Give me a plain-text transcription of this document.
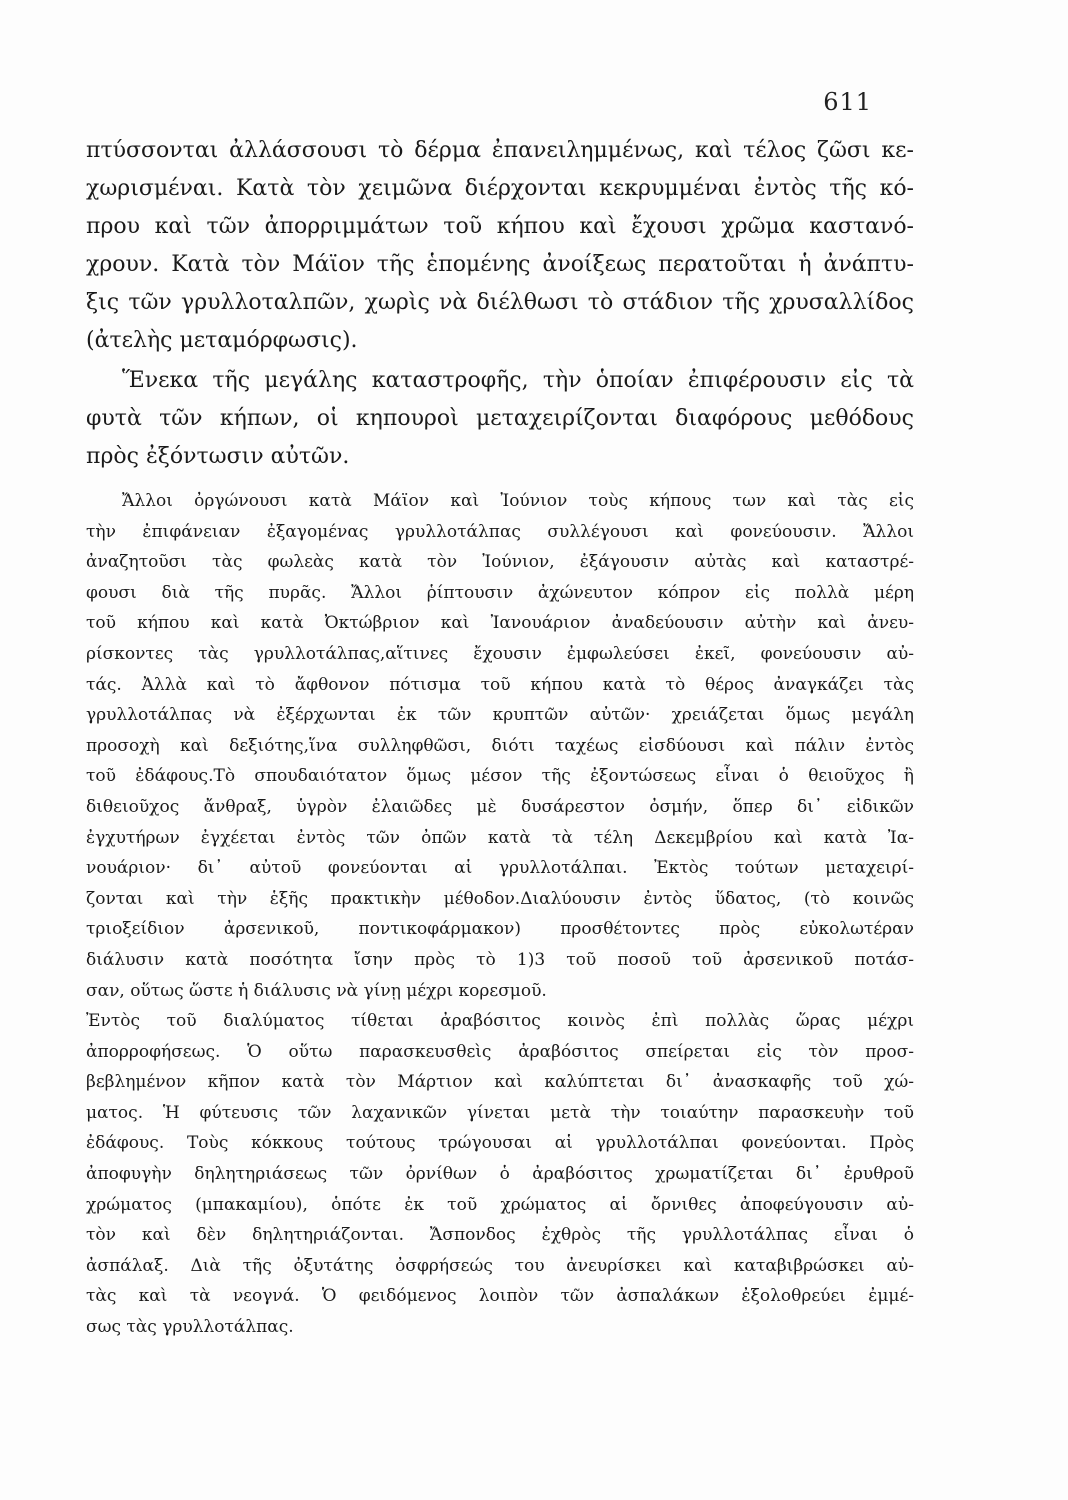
611
πτύσσονται ἀλλάσσουσι τὸ δέρμα ἐπανειλημμένως, καὶ τέλος ζῶσι κε-
χωρισμέναι. Κατὰ τὸν χειμῶνα διέρχονται κεκρυμμέναι ἐντὸς τῆς κό-
πρου καὶ τῶν ἀπορριμμάτων τοῦ κήπου καὶ ἔχουσι χρῶμα καστανό-
χρουν. Κατὰ τὸν Μάϊον τῆς ἑπομένης ἀνοίξεως περατοῦται ἡ ἀνάπτυ-
ξις τῶν γρυλλοταλπῶν, χωρὶς νὰ διέλθωσι τὸ στάδιον τῆς χρυσαλλίδος
(ἀτελὴς μεταμόρφωσις).
Ἕνεκα τῆς μεγάλης καταστροφῆς, τὴν ὁποίαν ἐπιφέρουσιν εἰς τὰ
φυτὰ τῶν κήπων, οἱ κηπουροὶ μεταχειρίζονται διαφόρους μεθόδους
πρὸς ἐξόντωσιν αὐτῶν.
Ἄλλοι ὀργώνουσι κατὰ Μάϊον καὶ Ἰούνιον τοὺς κήπους των καὶ τὰς εἰς
τὴν ἐπιφάνειαν ἐξαγομένας γρυλλοτάλπας συλλέγουσι καὶ φονεύουσιν. Ἄλλοι
ἀναζητοῦσι τὰς φωλεὰς κατὰ τὸν Ἰούνιον, ἐξάγουσιν αὐτὰς καὶ καταστρέ-
φουσι διὰ τῆς πυρᾶς. Ἄλλοι ῥίπτουσιν ἀχώνευτον κόπρον εἰς πολλὰ μέρη
τοῦ κήπου καὶ κατὰ Ὀκτώβριον καὶ Ἰανουάριον ἀναδεύουσιν αὐτὴν καὶ ἀνευ-
ρίσκοντες τὰς γρυλλοτάλπας,αἵτινες ἔχουσιν ἐμφωλεύσει ἐκεῖ, φονεύουσιν αὐ-
τάς. Ἀλλὰ καὶ τὸ ἄφθονον πότισμα τοῦ κήπου κατὰ τὸ θέρος ἀναγκάζει τὰς
γρυλλοτάλπας νὰ ἐξέρχωνται ἐκ τῶν κρυπτῶν αὐτῶν· χρειάζεται ὅμως μεγάλη
προσοχὴ καὶ δεξιότης,ἵνα συλληφθῶσι, διότι ταχέως εἰσδύουσι καὶ πάλιν ἐντὸς
τοῦ ἐδάφους.Τὸ σπουδαιότατον ὅμως μέσον τῆς ἐξοντώσεως εἶναι ὁ θειοῦχος ἢ
διθειοῦχος ἄνθραξ, ὑγρὸν ἐλαιῶδες μὲ δυσάρεστον ὀσμήν, ὅπερ δι᾽ εἰδικῶν
ἐγχυτήρων ἐγχέεται ἐντὸς τῶν ὀπῶν κατὰ τὰ τέλη Δεκεμβρίου καὶ κατὰ Ἰα-
νουάριον· δι᾽ αὐτοῦ φονεύονται αἱ γρυλλοτάλπαι. Ἐκτὸς τούτων μεταχειρί-
ζονται καὶ τὴν ἑξῆς πρακτικὴν μέθοδον.Διαλύουσιν ἐντὸς ὕδατος, (τὸ κοινῶς
τριοξείδιον ἀρσενικοῦ, ποντικοφάρμακον) προσθέτοντες πρὸς εὐκολωτέραν
διάλυσιν κατὰ ποσότητα ἴσην πρὸς τὸ 1)3 τοῦ ποσοῦ τοῦ ἀρσενικοῦ ποτάσ-
σαν, οὕτως ὥστε ἡ διάλυσις νὰ γίνῃ μέχρι κορεσμοῦ.
Ἐντὸς τοῦ διαλύματος τίθεται ἀραβόσιτος κοινὸς ἐπὶ πολλὰς ὥρας μέχρι
ἀπορροφήσεως. Ὁ οὕτω παρασκευσθεὶς ἀραβόσιτος σπείρεται εἰς τὸν προσ-
βεβλημένον κῆπον κατὰ τὸν Μάρτιον καὶ καλύπτεται δι᾽ ἀνασκαφῆς τοῦ χώ-
ματος. Ἡ φύτευσις τῶν λαχανικῶν γίνεται μετὰ τὴν τοιαύτην παρασκευὴν τοῦ
ἐδάφους. Τοὺς κόκκους τούτους τρώγουσαι αἱ γρυλλοτάλπαι φονεύονται. Πρὸς
ἀποφυγὴν δηλητηριάσεως τῶν ὀρνίθων ὁ ἀραβόσιτος χρωματίζεται δι᾽ ἐρυθροῦ
χρώματος (μπακαμίου), ὁπότε ἐκ τοῦ χρώματος αἱ ὄρνιθες ἀποφεύγουσιν αὐ-
τὸν καὶ δὲν δηλητηριάζονται. Ἄσπονδος ἐχθρὸς τῆς γρυλλοτάλπας εἶναι ὁ
ἀσπάλαξ. Διὰ τῆς ὀξυτάτης ὀσφρήσεώς του ἀνευρίσκει καὶ καταβιβρώσκει αὐ-
τὰς καὶ τὰ νεογνά. Ὁ φειδόμενος λοιπὸν τῶν ἀσπαλάκων ἐξολοθρεύει ἐμμέ-
σως τὰς γρυλλοτάλπας.
